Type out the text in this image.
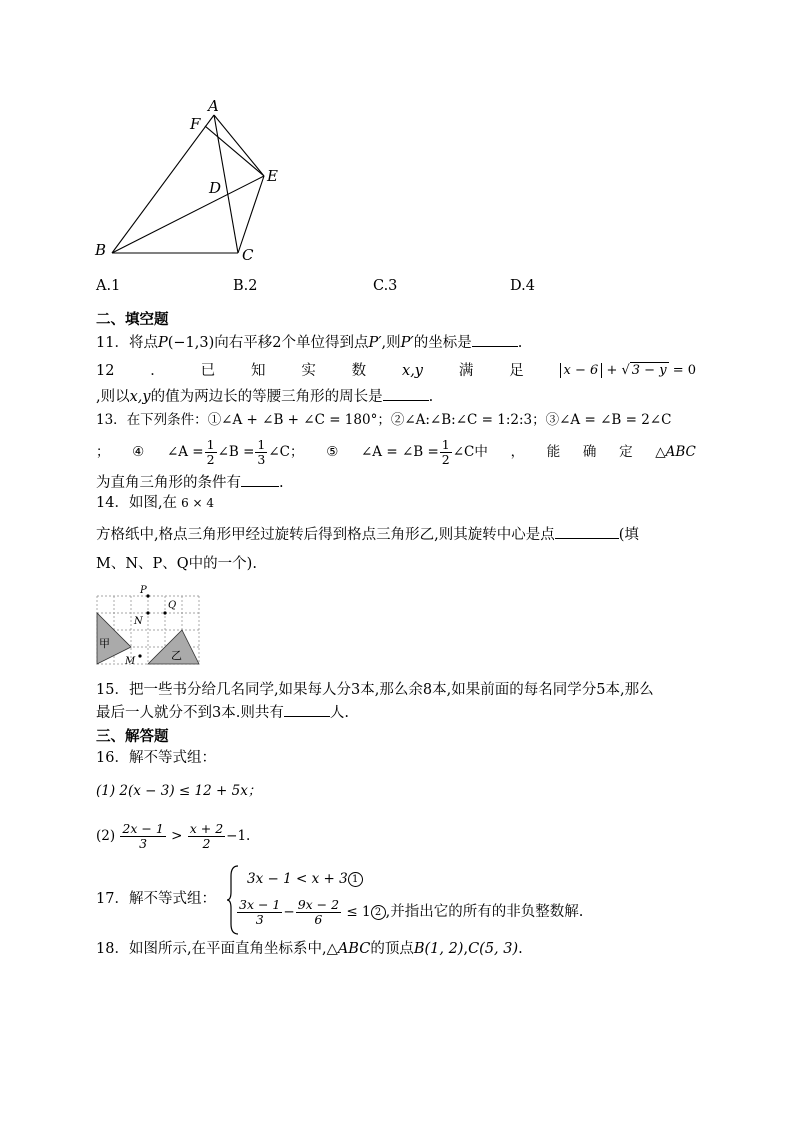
A
F
E
D
B	C
A.1	B.2	C.3	D.4
二、填空题
11．将点P(−1,3)向右平移2个单位得到点P′,则P′的坐标是	.
12 ． 已 知 实 数 x,y 满 足	x − 6 + √ 3 − y = 0
,则以x,y的值为两边长的等腰三角形的周长是	.
13．在下列条件：①∠A + ∠B + ∠C = 180°；②∠A:∠B:∠C = 1:2:3；③∠A = ∠B = 2∠C
； ④ ∠A = $\frac{1}{2}$ ∠B = $\frac{1}{3}$ ∠C； ⑤ ∠A = ∠B = $\frac{1}{2}$ ∠C中 ， 能 确 定 △ABC
为直角三角形的条件有	.
14．如图,在 6 × 4
方格纸中,格点三角形甲经过旋转后得到格点三角形乙,则其旋转中心是点	(填
M、N、P、Q中的一个).
甲
乙
P
Q
N
M
15．把一些书分给几名同学,如果每人分3本,那么余8本,如果前面的每名同学分5本,那么
最后一人就分不到3本.则共有	人.
三、解答题
16．解不等式组：
(1) 2(x − 3) ≤ 12 + 5x；
(2)
$\frac{2x - 1}{3}$
>
$\frac{x + 2}{2} -1$.
17．解不等式组：
3x − 1 < x + 3 1
$\frac{3x - 1}{3} - \frac{9x - 2}{6}$
≤ 1 2 ,并指出它的所有的非负整数解.
18．如图所示,在平面直角坐标系中,△ABC的顶点B(1, 2),C(5, 3).
